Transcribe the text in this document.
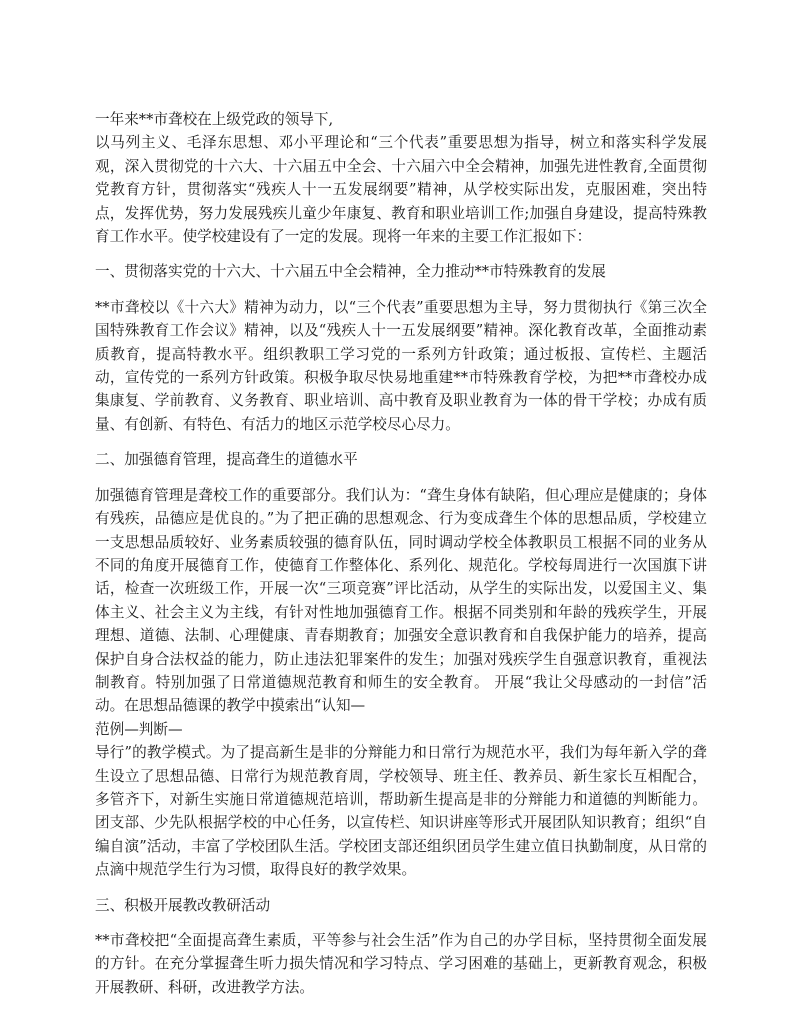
一年来**市聋校在上级党政的领导下,

以马列主义、毛泽东思想、邓小平理论和“三个代表”重要思想为指导，树立和落实科学发展观，深入贯彻党的十六大、十六届五中全会、十六届六中全会精神，加强先进性教育,全面贯彻党教育方针，贯彻落实“残疾人十一五发展纲要”精神，从学校实际出发，克服困难，突出特点，发挥优势，努力发展残疾儿童少年康复、教育和职业培训工作;加强自身建设，提高特殊教育工作水平。使学校建设有了一定的发展。现将一年来的主要工作汇报如下：

一、贯彻落实党的十六大、十六届五中全会精神，全力推动**市特殊教育的发展

**市聋校以《十六大》精神为动力，以“三个代表”重要思想为主导，努力贯彻执行《第三次全国特殊教育工作会议》精神，以及“残疾人十一五发展纲要”精神。深化教育改革，全面推动素质教育，提高特教水平。组织教职工学习党的一系列方针政策；通过板报、宣传栏、主题活动，宣传党的一系列方针政策。积极争取尽快易地重建**市特殊教育学校，为把**市聋校办成集康复、学前教育、义务教育、职业培训、高中教育及职业教育为一体的骨干学校；办成有质量、有创新、有特色、有活力的地区示范学校尽心尽力。

二、加强德育管理，提高聋生的道德水平

加强德育管理是聋校工作的重要部分。我们认为：“聋生身体有缺陷，但心理应是健康的；身体有残疾，品德应是优良的。”为了把正确的思想观念、行为变成聋生个体的思想品质，学校建立一支思想品质较好、业务素质较强的德育队伍，同时调动学校全体教职员工根据不同的业务从不同的角度开展德育工作，使德育工作整体化、系列化、规范化。学校每周进行一次国旗下讲话，检查一次班级工作，开展一次“三项竞赛”评比活动，从学生的实际出发，以爱国主义、集体主义、社会主义为主线，有针对性地加强德育工作。根据不同类别和年龄的残疾学生，开展理想、道德、法制、心理健康、青春期教育；加强安全意识教育和自我保护能力的培养，提高保护自身合法权益的能力，防止违法犯罪案件的发生；加强对残疾学生自强意识教育，重视法制教育。特别加强了日常道德规范教育和师生的安全教育。 开展“我让父母感动的一封信”活动。在思想品德课的教学中摸索出“认知—

范例—判断—

导行”的教学模式。为了提高新生是非的分辩能力和日常行为规范水平，我们为每年新入学的聋生设立了思想品德、日常行为规范教育周，学校领导、班主任、教养员、新生家长互相配合，多管齐下，对新生实施日常道德规范培训，帮助新生提高是非的分辩能力和道德的判断能力。团支部、少先队根据学校的中心任务，以宣传栏、知识讲座等形式开展团队知识教育；组织“自编自演”活动，丰富了学校团队生活。学校团支部还组织团员学生建立值日执勤制度，从日常的点滴中规范学生行为习惯，取得良好的教学效果。

三、积极开展教改教研活动

**市聋校把“全面提高聋生素质，平等参与社会生活”作为自己的办学目标，坚持贯彻全面发展的方针。在充分掌握聋生听力损失情况和学习特点、学习困难的基础上，更新教育观念，积极开展教研、科研，改进教学方法。
